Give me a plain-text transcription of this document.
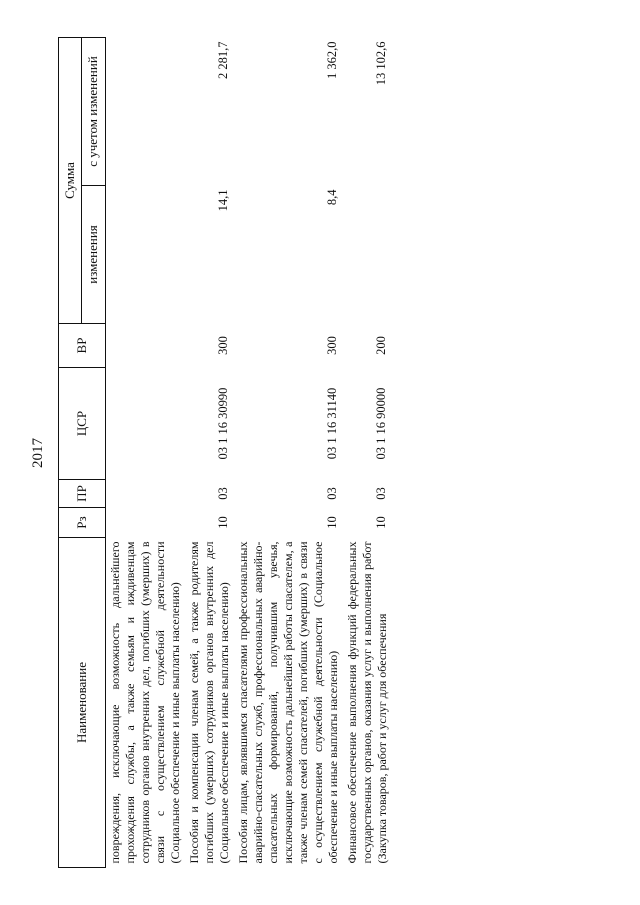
2017
Наименование	Рз	ПР	ЦСР	ВР	Сумма	
					изменения	с учетом изменений
повреждения, исключающие возможность дальнейшего прохождения службы, а также семьям и иждивенцам сотрудников органов внутренних дел, погибших (умерших) в связи с осуществлением служебной деятельности (Социальное обеспечение и иные выплаты населению)						
Пособия и компенсации членам семей, а также родителям погибших (умерших) сотрудников органов внутренних дел (Социальное обеспечение и иные выплаты населению)	10	03	03 1 16 30990	300	14,1	2 281,7
Пособия лицам, являвшимся спасателями профессиональных аварийно-спасательных служб, профессиональных аварийно-спасательных формирований, получившим увечья, исключающие возможность дальнейшей работы спасателем, а также членам семей спасателей, погибших (умерших) в связи с осуществлением служебной деятельности (Социальное обеспечение и иные выплаты населению)	10	03	03 1 16 31140	300	8,4	1 362,0
Финансовое обеспечение выполнения функций федеральных государственных органов, оказания услуг и выполнения работ (Закупка товаров, работ и услуг для обеспечения	10	03	03 1 16 90000	200		13 102,6
